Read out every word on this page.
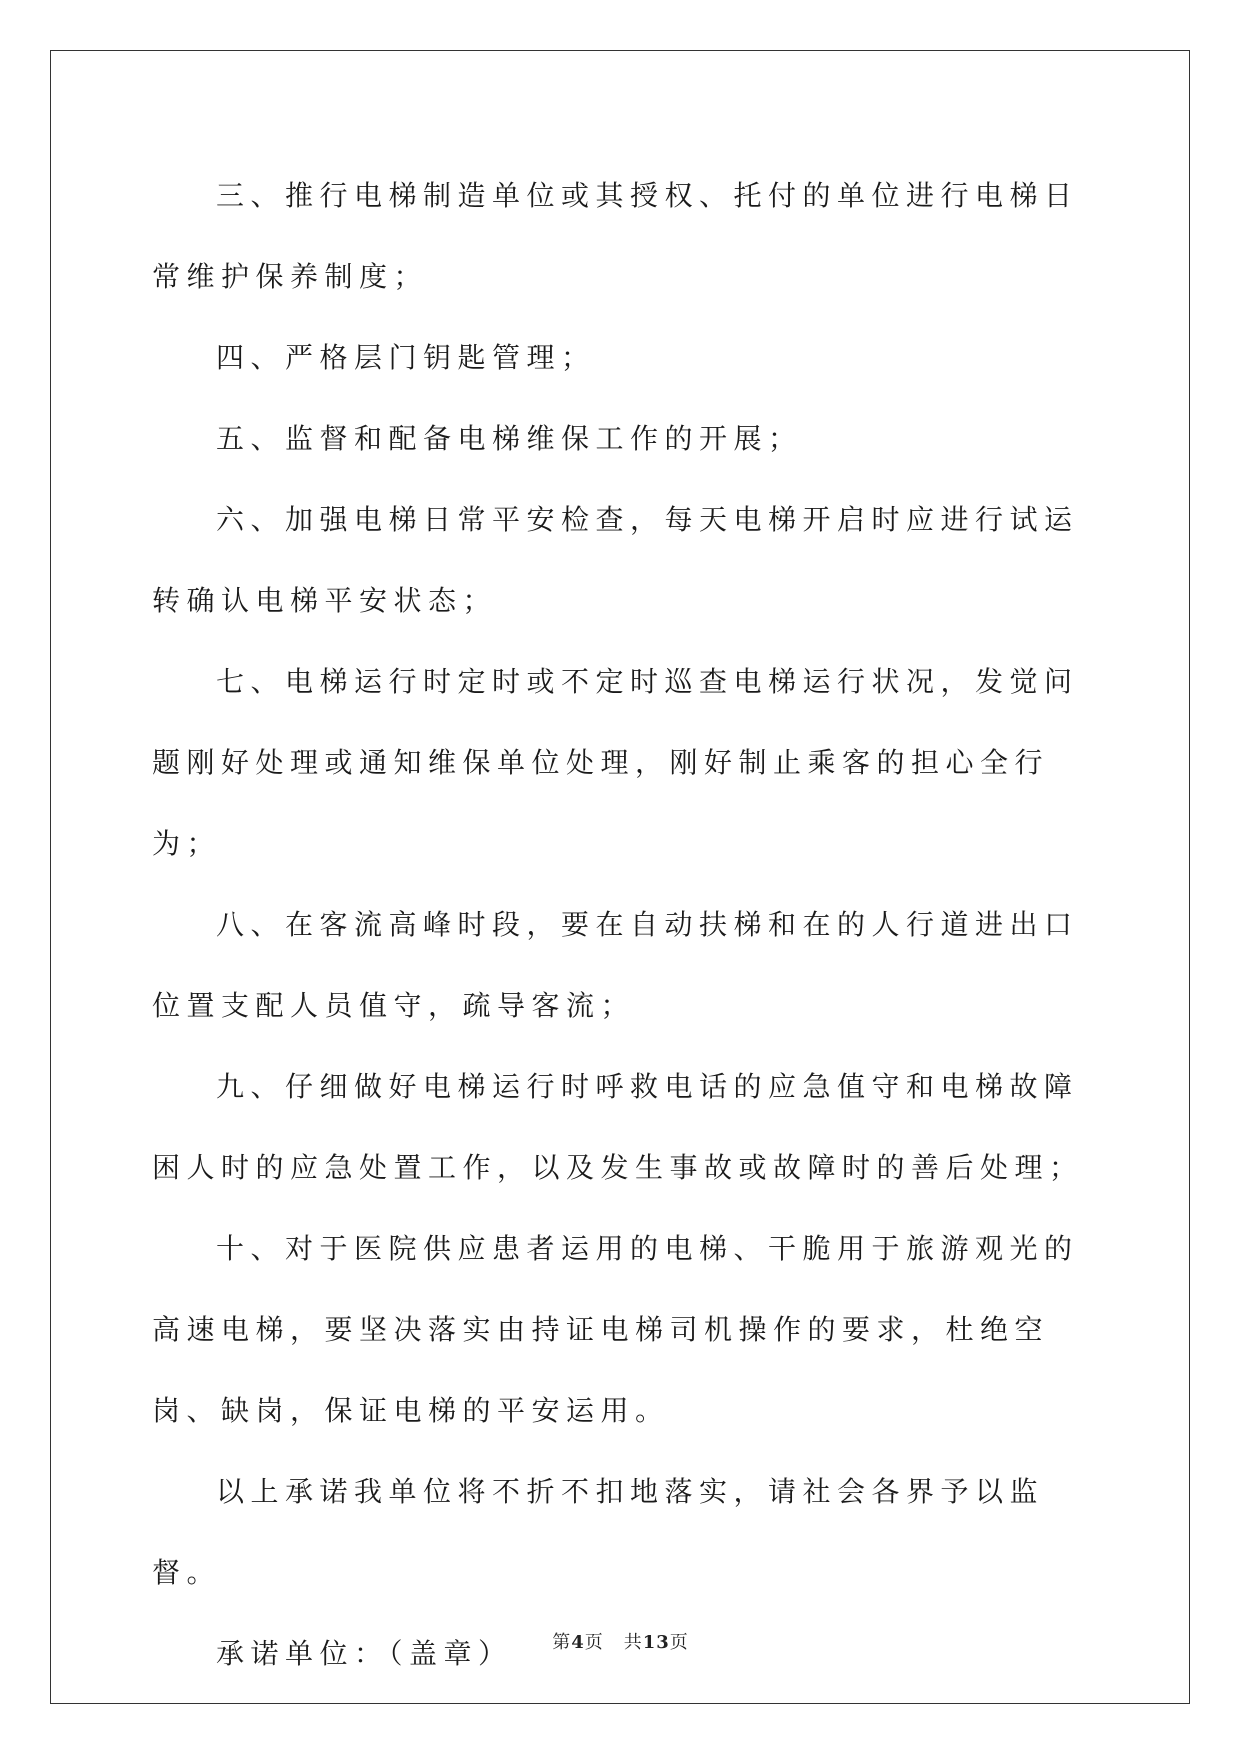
三、推行电梯制造单位或其授权、托付的单位进行电梯日常维护保养制度；

四、严格层门钥匙管理；

五、监督和配备电梯维保工作的开展；

六、加强电梯日常平安检查，每天电梯开启时应进行试运转确认电梯平安状态；

七、电梯运行时定时或不定时巡查电梯运行状况，发觉问题刚好处理或通知维保单位处理，刚好制止乘客的担心全行为；

八、在客流高峰时段，要在自动扶梯和在的人行道进出口位置支配人员值守，疏导客流；

九、仔细做好电梯运行时呼救电话的应急值守和电梯故障困人时的应急处置工作，以及发生事故或故障时的善后处理；

十、对于医院供应患者运用的电梯、干脆用于旅游观光的高速电梯，要坚决落实由持证电梯司机操作的要求，杜绝空岗、缺岗，保证电梯的平安运用。

以上承诺我单位将不折不扣地落实，请社会各界予以监督。

承诺单位：（盖章）	第4页 共13页
